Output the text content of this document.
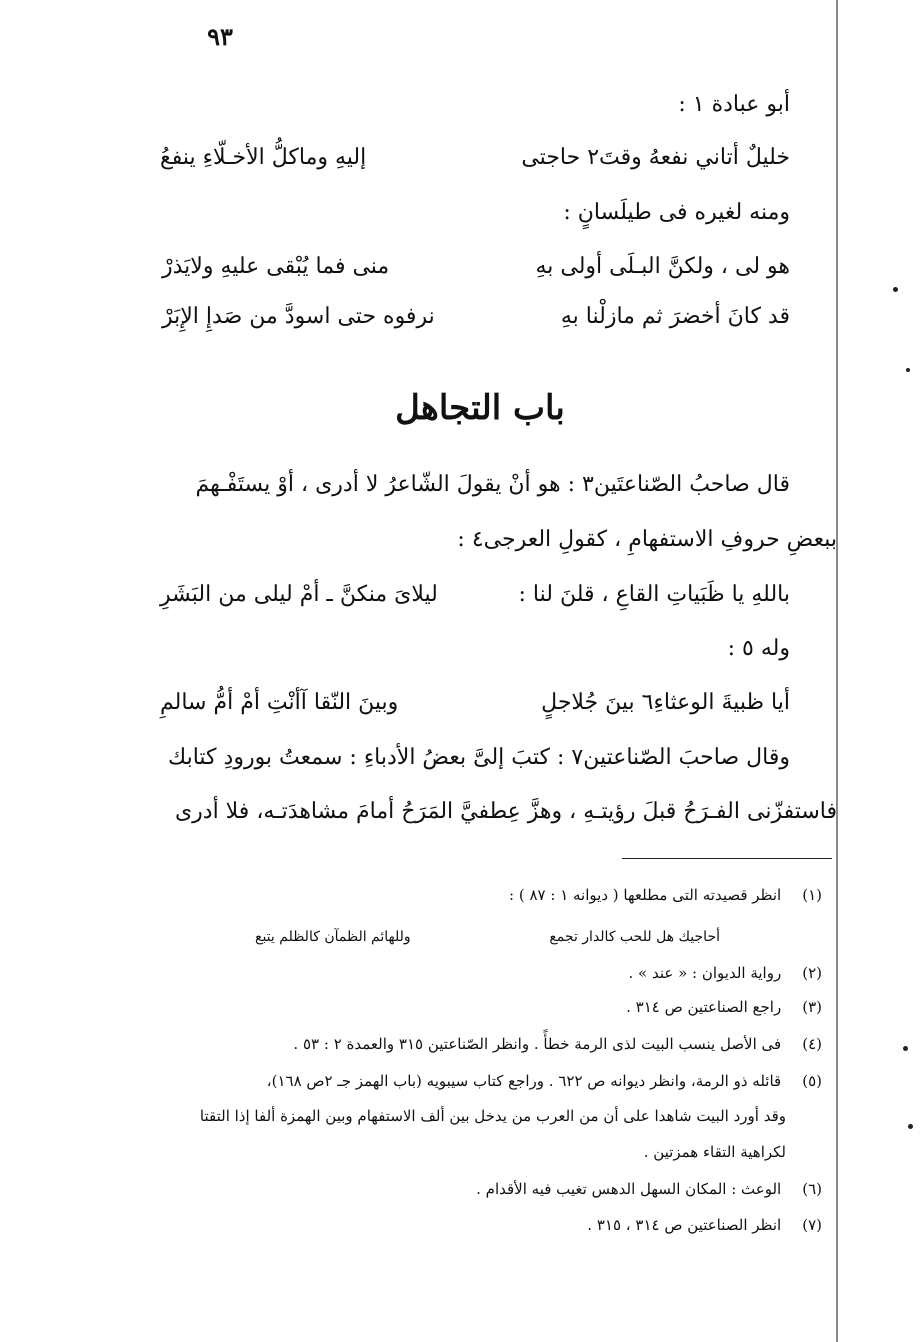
٩٣
أبو عبادة ١ :
خليلٌ أتاني نفعهُ وقتَ٢ حاجتى
إليهِ وماكلُّ الأخـلّاءِ ينفعُ
ومنه لغيره فى طيلَسانٍ :
هو لى ، ولكنَّ البـلَى أولى بهِ
منى فما يُبْقى عليهِ ولايَذرْ
قد كانَ أخضرَ ثم مازلْنا بهِ
نرفوه حتى اسودَّ من صَدإِ الإِبَرْ
باب التجاهل
قال صاحبُ الصّناعتَين٣ : هو أنْ يقولَ الشّاعرُ لا أدرى ، أوْ يستَفْـهمَ
ببعضِ حروفِ الاستفهامِ ، كقولِ العرجى٤ :
باللهِ يا ظَبَياتِ القاعِ ، قلنَ لنا :
ليلاىَ منكنَّ ـ أمْ ليلى من البَشَرِ
وله ٥ :
أيا ظبيةَ الوعثاءِ٦ بينَ جُلاجلٍ
وبينَ النّقا آأنْتِ أمْ أمُّ سالمِ
وقال صاحبَ الصّناعتين٧ : كتبَ إلىَّ بعضُ الأدباءِ : سمعتُ بورودِ كتابك
فاستفزّنى الفـرَحُ قبلَ رؤيتـهِ ، وهزَّ عِطفيَّ المَرَحُ أمامَ مشاهدَتـه، فلا أدرى
(١) انظر قصيدته التى مطلعها ( ديوانه ١ : ٨٧ ) :
أحاجيك هل للحب كالدار تجمع
وللهائم الظمآن كالظلم يتبع
(٢) رواية الديوان : « عند » .
(٣) راجع الصناعتين ص ٣١٤ .
(٤) فى الأصل ينسب البيت لذى الرمة خطأً . وانظر الصّناعتين ٣١٥ والعمدة ٢ : ٥٣ .
(٥) قائله ذو الرمة، وانظر ديوانه ص ٦٢٢ . وراجع كتاب سيبويه (باب الهمز جـ ٢ص ١٦٨)،
وقد أورد البيت شاهدا على أن من العرب من يدخل بين ألف الاستفهام وبين الهمزة ألفا إذا التقتا
لكراهية التقاء همزتين .
(٦) الوعث : المكان السهل الدهس تغيب فيه الأقدام .
(٧) انظر الصناعتين ص ٣١٤ ، ٣١٥ .
